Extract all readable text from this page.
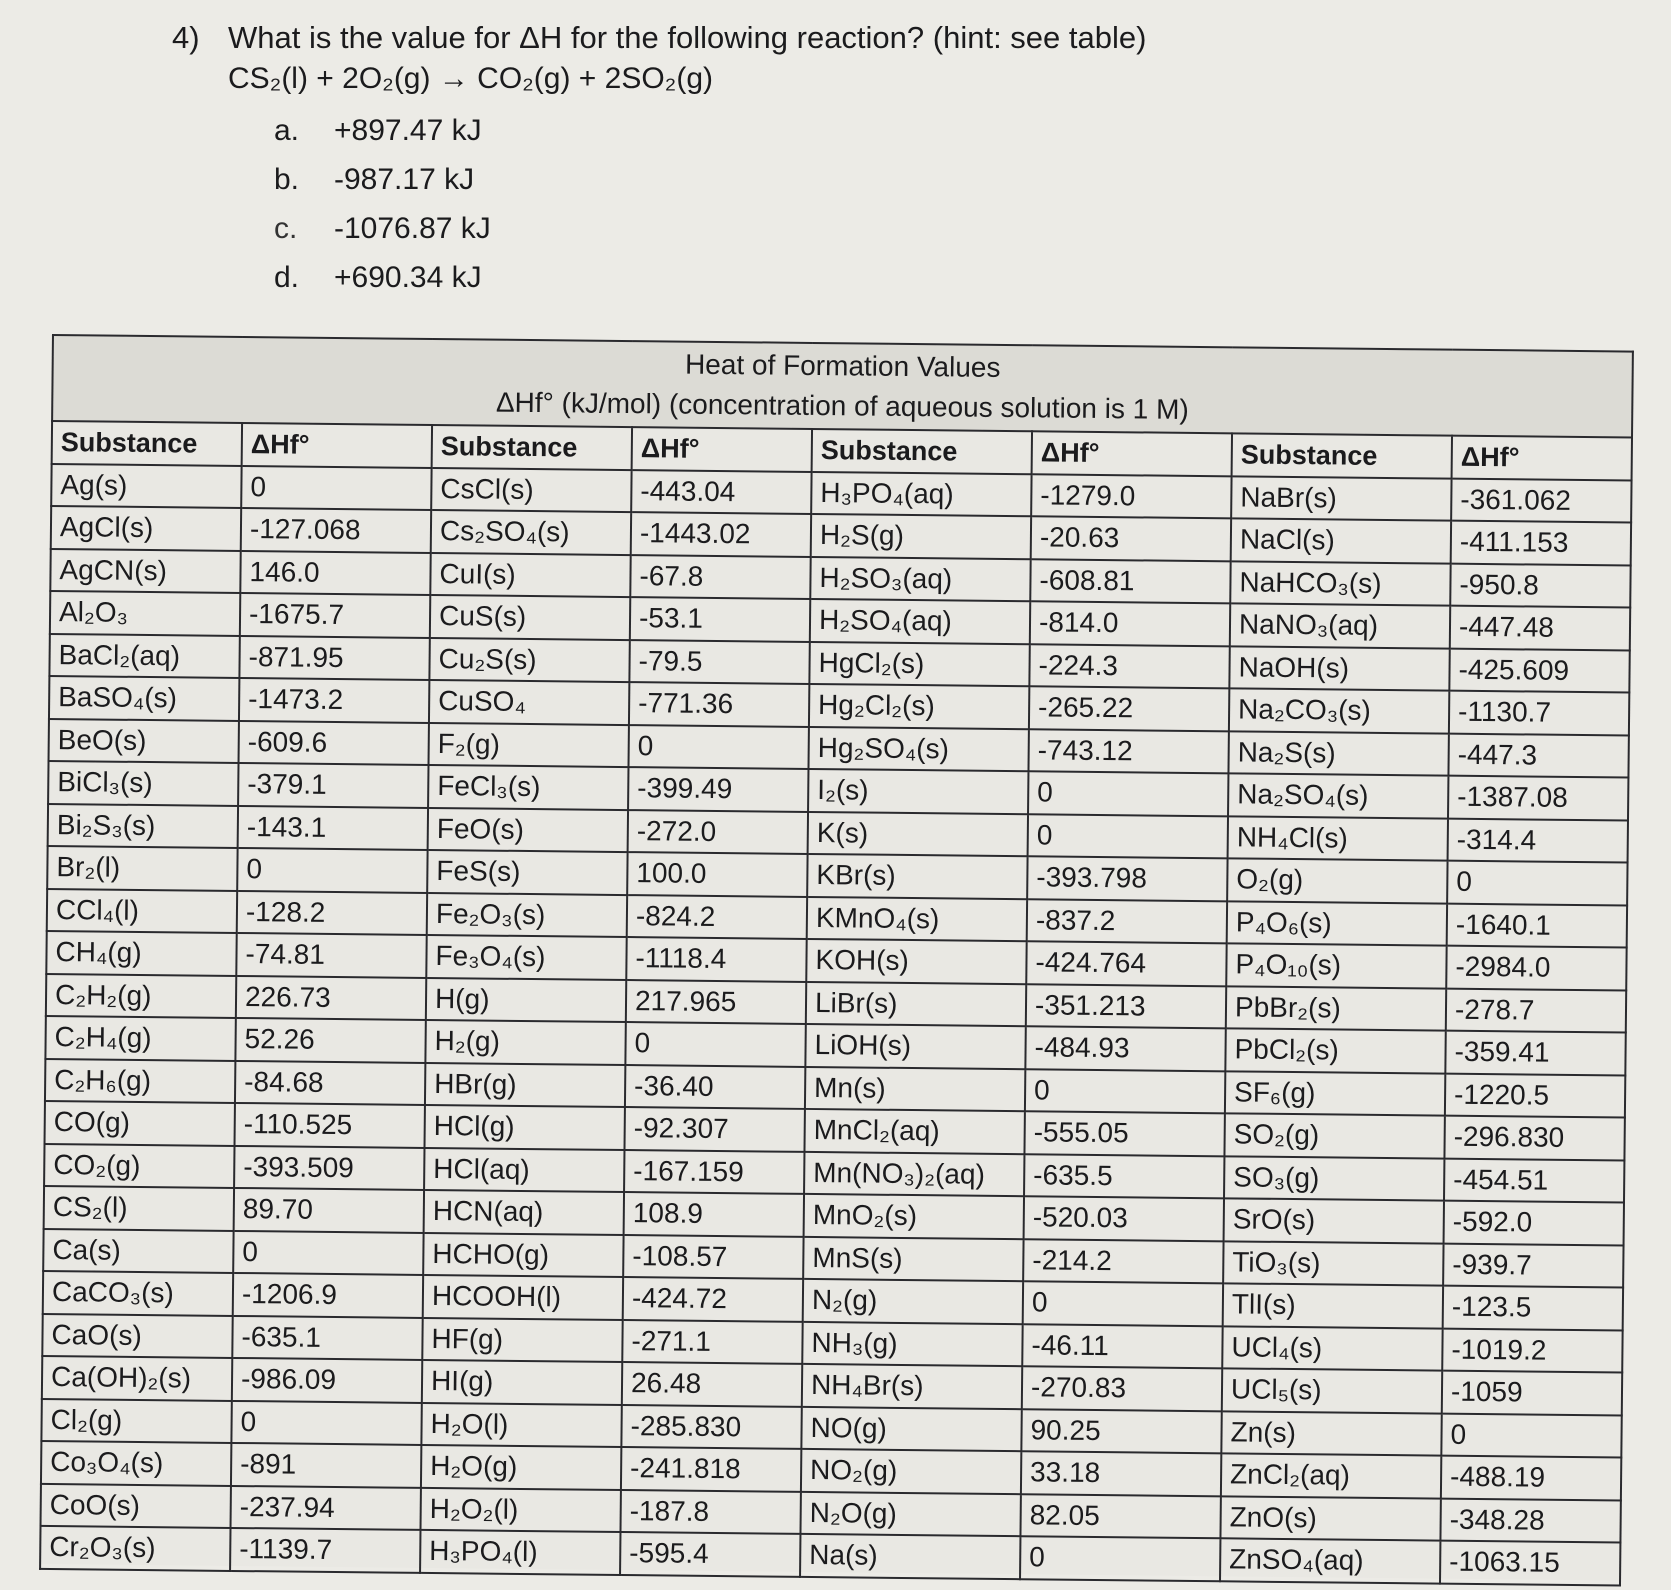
4) What is the value for ΔH for the following reaction? (hint: see table)
CS₂(l) + 2O₂(g) → CO₂(g) + 2SO₂(g)
a. +897.47 kJ
b. -987.17 kJ
c. -1076.87 kJ
d. +690.34 kJ
Heat of Formation Values
ΔHf° (kJ/mol) (concentration of aqueous solution is 1 M)							

Substance	ΔHf°	Substance	ΔHf°	Substance	ΔHf°	Substance	ΔHf°
Ag(s)	0	CsCl(s)	-443.04	H₃PO₄(aq)	-1279.0	NaBr(s)	-361.062
AgCl(s)	-127.068	Cs₂SO₄(s)	-1443.02	H₂S(g)	-20.63	NaCl(s)	-411.153
AgCN(s)	146.0	CuI(s)	-67.8	H₂SO₃(aq)	-608.81	NaHCO₃(s)	-950.8
Al₂O₃	-1675.7	CuS(s)	-53.1	H₂SO₄(aq)	-814.0	NaNO₃(aq)	-447.48
BaCl₂(aq)	-871.95	Cu₂S(s)	-79.5	HgCl₂(s)	-224.3	NaOH(s)	-425.609
BaSO₄(s)	-1473.2	CuSO₄	-771.36	Hg₂Cl₂(s)	-265.22	Na₂CO₃(s)	-1130.7
BeO(s)	-609.6	F₂(g)	0	Hg₂SO₄(s)	-743.12	Na₂S(s)	-447.3
BiCl₃(s)	-379.1	FeCl₃(s)	-399.49	I₂(s)	0	Na₂SO₄(s)	-1387.08
Bi₂S₃(s)	-143.1	FeO(s)	-272.0	K(s)	0	NH₄Cl(s)	-314.4
Br₂(l)	0	FeS(s)	100.0	KBr(s)	-393.798	O₂(g)	0
CCl₄(l)	-128.2	Fe₂O₃(s)	-824.2	KMnO₄(s)	-837.2	P₄O₆(s)	-1640.1
CH₄(g)	-74.81	Fe₃O₄(s)	-1118.4	KOH(s)	-424.764	P₄O₁₀(s)	-2984.0
C₂H₂(g)	226.73	H(g)	217.965	LiBr(s)	-351.213	PbBr₂(s)	-278.7
C₂H₄(g)	52.26	H₂(g)	0	LiOH(s)	-484.93	PbCl₂(s)	-359.41
C₂H₆(g)	-84.68	HBr(g)	-36.40	Mn(s)	0	SF₆(g)	-1220.5
CO(g)	-110.525	HCl(g)	-92.307	MnCl₂(aq)	-555.05	SO₂(g)	-296.830
CO₂(g)	-393.509	HCl(aq)	-167.159	Mn(NO₃)₂(aq)	-635.5	SO₃(g)	-454.51
CS₂(l)	89.70	HCN(aq)	108.9	MnO₂(s)	-520.03	SrO(s)	-592.0
Ca(s)	0	HCHO(g)	-108.57	MnS(s)	-214.2	TiO₃(s)	-939.7
CaCO₃(s)	-1206.9	HCOOH(l)	-424.72	N₂(g)	0	TlI(s)	-123.5
CaO(s)	-635.1	HF(g)	-271.1	NH₃(g)	-46.11	UCl₄(s)	-1019.2
Ca(OH)₂(s)	-986.09	HI(g)	26.48	NH₄Br(s)	-270.83	UCl₅(s)	-1059
Cl₂(g)	0	H₂O(l)	-285.830	NO(g)	90.25	Zn(s)	0
Co₃O₄(s)	-891	H₂O(g)	-241.818	NO₂(g)	33.18	ZnCl₂(aq)	-488.19
CoO(s)	-237.94	H₂O₂(l)	-187.8	N₂O(g)	82.05	ZnO(s)	-348.28
Cr₂O₃(s)	-1139.7	H₃PO₄(l)	-595.4	Na(s)	0	ZnSO₄(aq)	-1063.15
